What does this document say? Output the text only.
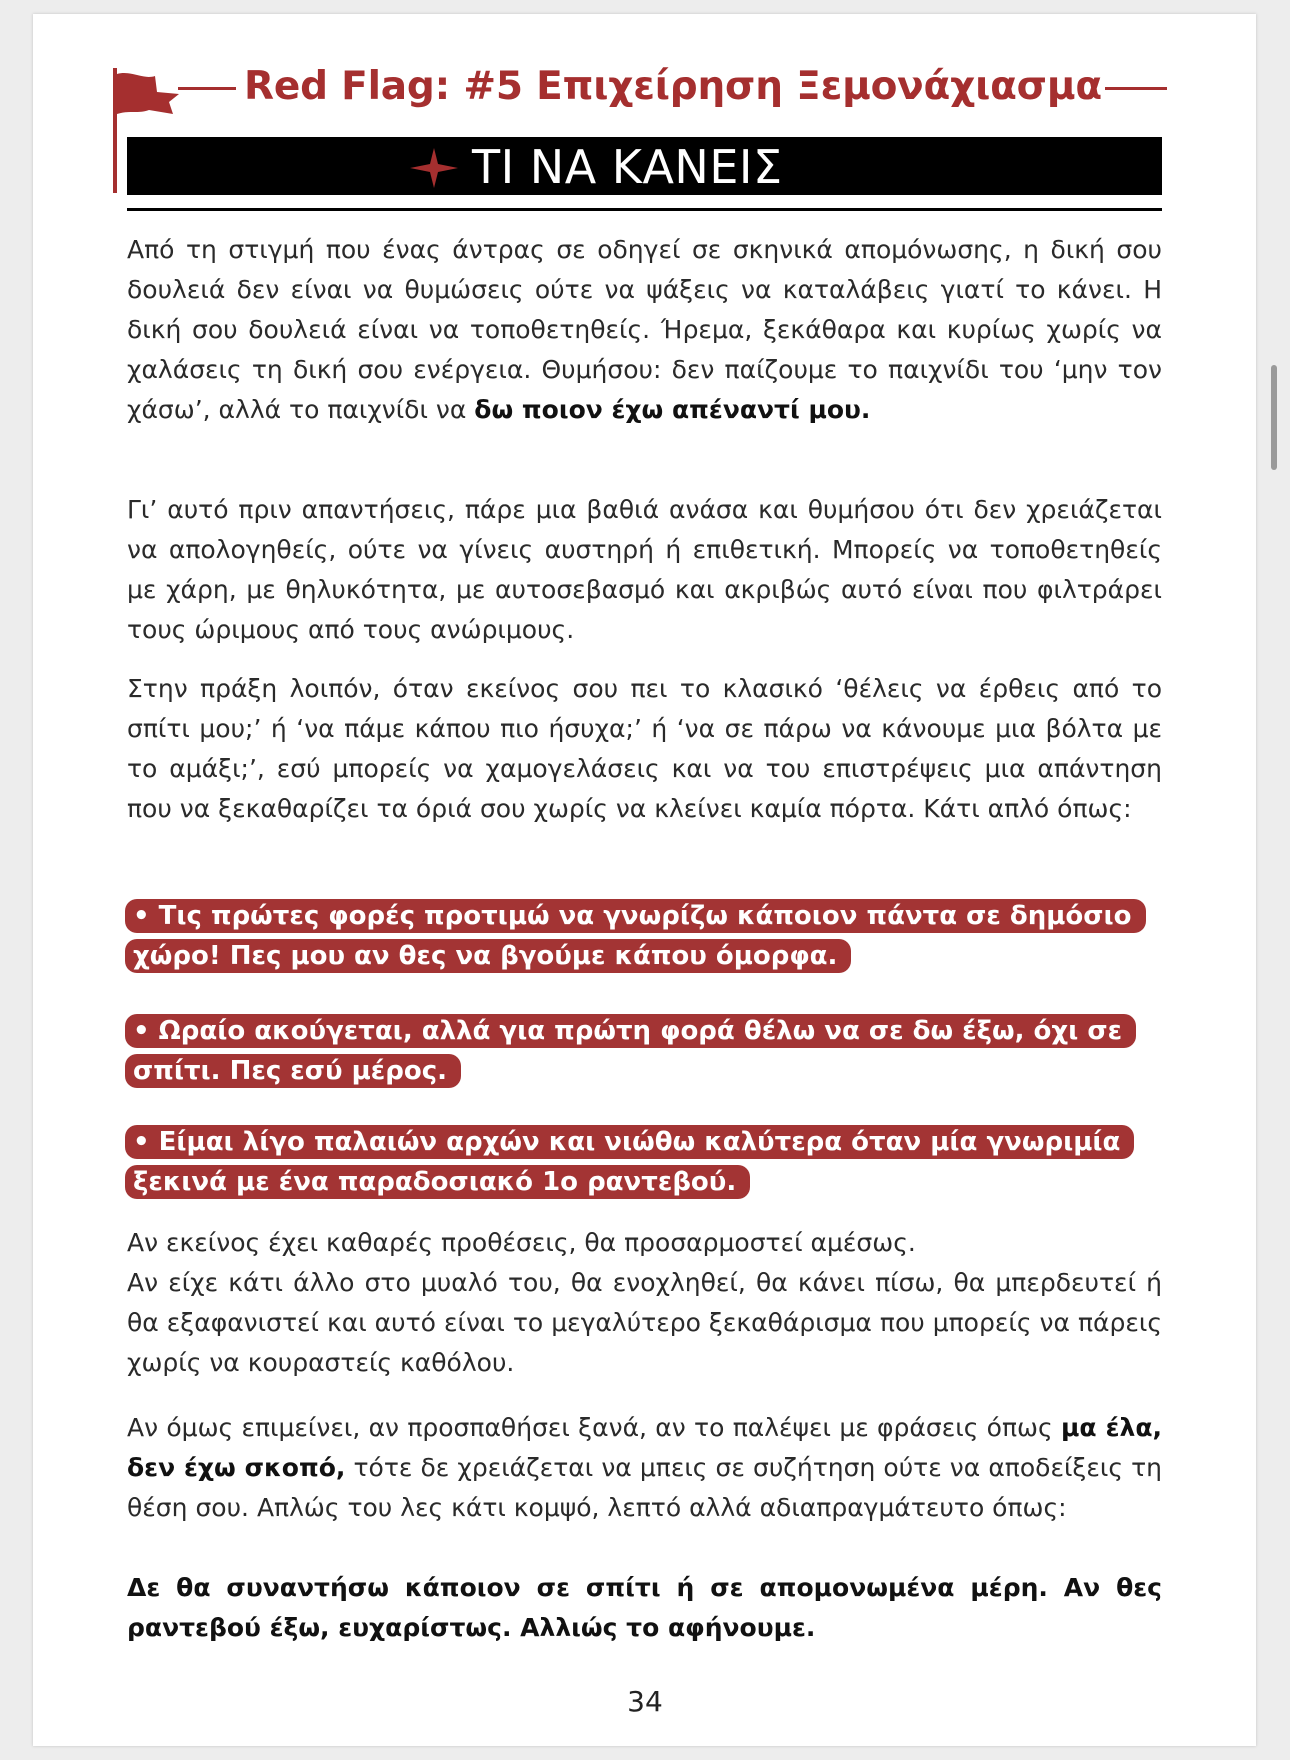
Red Flag: #5 Επιχείρηση Ξεμονάχιασμα
ΤΙ ΝΑ ΚΑΝΕΙΣ
Από τη στιγμή που ένας άντρας σε οδηγεί σε σκηνικά απομόνωσης, η δική σου δουλειά δεν είναι να θυμώσεις ούτε να ψάξεις να καταλάβεις γιατί το κάνει. Η δική σου δουλειά είναι να τοποθετηθείς. Ήρεμα, ξεκάθαρα και κυρίως χωρίς να χαλάσεις τη δική σου ενέργεια. Θυμήσου: δεν παίζουμε το παιχνίδι του ‘μην τον χάσω’, αλλά το παιχνίδι να δω ποιον έχω απέναντί μου.
Γι’ αυτό πριν απαντήσεις, πάρε μια βαθιά ανάσα και θυμήσου ότι δεν χρειάζεται να απολογηθείς, ούτε να γίνεις αυστηρή ή επιθετική. Μπορείς να τοποθετηθείς με χάρη, με θηλυκότητα, με αυτοσεβασμό και ακριβώς αυτό είναι που φιλτράρει τους ώριμους από τους ανώριμους.
Στην πράξη λοιπόν, όταν εκείνος σου πει το κλασικό ‘θέλεις να έρθεις από το σπίτι μου;’ ή ‘να πάμε κάπου πιο ήσυχα;’ ή ‘να σε πάρω να κάνουμε μια βόλτα με το αμάξι;’, εσύ μπορείς να χαμογελάσεις και να του επιστρέψεις μια απάντηση που να ξεκαθαρίζει τα όριά σου χωρίς να κλείνει καμία πόρτα. Κάτι απλό όπως:
• Τις πρώτες φορές προτιμώ να γνωρίζω κάποιον πάντα σε δημόσιο χώρο! Πες μου αν θες να βγούμε κάπου όμορφα.
• Ωραίο ακούγεται, αλλά για πρώτη φορά θέλω να σε δω έξω, όχι σε σπίτι. Πες εσύ μέρος.
• Είμαι λίγο παλαιών αρχών και νιώθω καλύτερα όταν μία γνωριμία ξεκινά με ένα παραδοσιακό 1ο ραντεβού.
Αν εκείνος έχει καθαρές προθέσεις, θα προσαρμοστεί αμέσως.
Αν είχε κάτι άλλο στο μυαλό του, θα ενοχληθεί, θα κάνει πίσω, θα μπερδευτεί ή θα εξαφανιστεί και αυτό είναι το μεγαλύτερο ξεκαθάρισμα που μπορείς να πάρεις χωρίς να κουραστείς καθόλου.
Αν όμως επιμείνει, αν προσπαθήσει ξανά, αν το παλέψει με φράσεις όπως μα έλα, δεν έχω σκοπό, τότε δε χρειάζεται να μπεις σε συζήτηση ούτε να αποδείξεις τη θέση σου. Απλώς του λες κάτι κομψό, λεπτό αλλά αδιαπραγμάτευτο όπως:
Δε θα συναντήσω κάποιον σε σπίτι ή σε απομονωμένα μέρη. Αν θες ραντεβού έξω, ευχαρίστως. Αλλιώς το αφήνουμε.
34
